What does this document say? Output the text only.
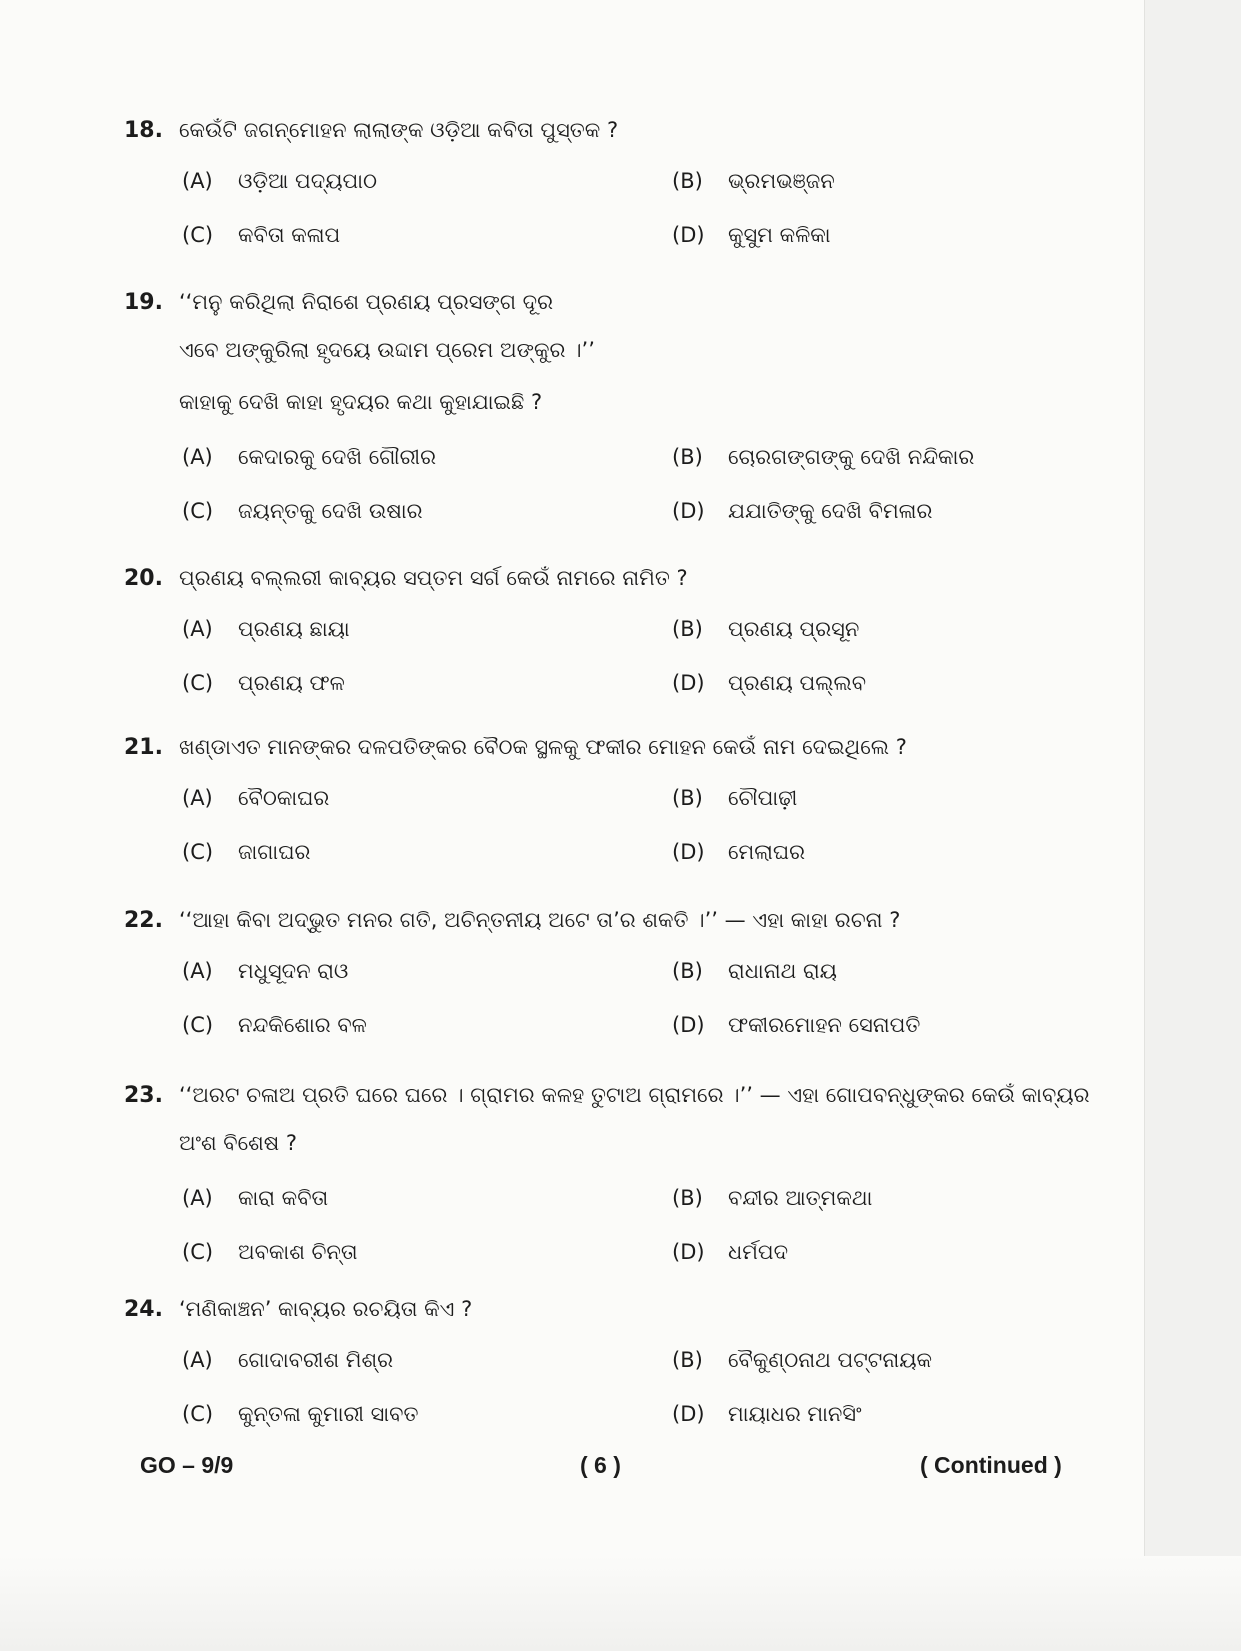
18. କେଉଁଟି ଜଗନ୍ମୋହନ ଲାଲାଙ୍କ ଓଡ଼ିଆ କବିତା ପୁସ୍ତକ ?
(A)	ଓଡ଼ିଆ ପଦ୍ୟପାଠ	(B)	ଭ୍ରମଭଞ୍ଜନ
(C)	କବିତା କଳାପ	(D)	କୁସୁମ କଳିକା
19. ‘‘ମନୁ କରିଥିଲା ନିରାଶେ ପ୍ରଣୟ ପ୍ରସଙ୍ଗ ଦୂର
ଏବେ ଅଙ୍କୁରିଲା ହୃଦୟେ ଉଦ୍ଦାମ ପ୍ରେମ ଅଙ୍କୁର ।’’
କାହାକୁ ଦେଖି କାହା ହୃଦୟର କଥା କୁହାଯାଇଛି ?
(A)	କେଦାରକୁ ଦେଖି ଗୌରୀର	(B)	ଚୋରଗଙ୍ଗଙ୍କୁ ଦେଖି ନନ୍ଦିକାର
(C)	ଜୟନ୍ତକୁ ଦେଖି ଉଷାର	(D)	ଯଯାତିଙ୍କୁ ଦେଖି ବିମଳାର
20. ପ୍ରଣୟ ବଲ୍ଲରୀ କାବ୍ୟର ସପ୍ତମ ସର୍ଗ କେଉଁ ନାମରେ ନାମିତ ?
(A)	ପ୍ରଣୟ ଛାୟା	(B)	ପ୍ରଣୟ ପ୍ରସୂନ
(C)	ପ୍ରଣୟ ଫଳ	(D)	ପ୍ରଣୟ ପଲ୍ଲବ
21. ଖଣ୍ଡାଏତ ମାନଙ୍କର ଦଳପତିଙ୍କର ବୈଠକ ସ୍ଥଳକୁ ଫକୀର ମୋହନ କେଉଁ ନାମ ଦେଇଥିଲେ ?
(A)	ବୈଠକାଘର	(B)	ଚୌପାଢ଼ୀ
(C)	ଜାଗାଘର	(D)	ମେଲାଘର
22. ‘‘ଆହା କିବା ଅଦ୍ଭୁତ ମନର ଗତି, ଅଚିନ୍ତନୀୟ ଅଟେ ତା’ର ଶକତି ।’’ — ଏହା କାହା ରଚନା ?
(A)	ମଧୁସୂଦନ ରାଓ	(B)	ରାଧାନାଥ ରାୟ
(C)	ନନ୍ଦକିଶୋର ବଳ	(D)	ଫକୀରମୋହନ ସେନାପତି
23. ‘‘ଅରଟ ଚଳାଅ ପ୍ରତି ଘରେ ଘରେ । ଗ୍ରାମର କଳହ ତୁଟାଅ ଗ୍ରାମରେ ।’’ — ଏହା ଗୋପବନ୍ଧୁଙ୍କର କେଉଁ କାବ୍ୟର
ଅଂଶ ବିଶେଷ ?
(A)	କାରା କବିତା	(B)	ବନ୍ଦୀର ଆତ୍ମକଥା
(C)	ଅବକାଶ ଚିନ୍ତା	(D)	ଧର୍ମପଦ
24. ‘ମଣିକାଞ୍ଚନ’ କାବ୍ୟର ରଚୟିତା କିଏ ?
(A)	ଗୋଦାବରୀଶ ମିଶ୍ର	(B)	ବୈକୁଣ୍ଠନାଥ ପଟ୍ଟନାୟକ
(C)	କୁନ୍ତଳା କୁମାରୀ ସାବତ	(D)	ମାୟାଧର ମାନସିଂ
GO – 9/9	( 6 )	( Continued )
